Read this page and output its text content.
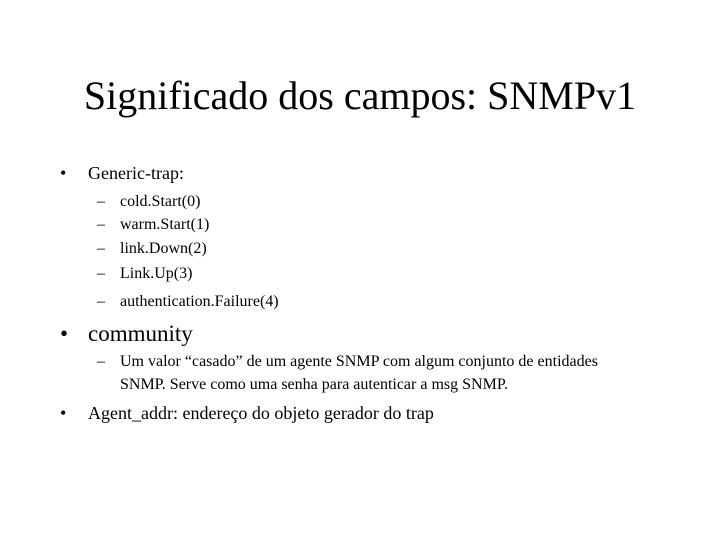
Significado dos campos: SNMPv1
• Generic-trap:
– cold.Start(0)
– warm.Start(1)
– link.Down(2)
– Link.Up(3)
– authentication.Failure(4)
• community
– Um valor “casado” de um agente SNMP com algum conjunto de entidades
SNMP. Serve como uma senha para autenticar a msg SNMP.
• Agent_addr: endereço do objeto gerador do trap
